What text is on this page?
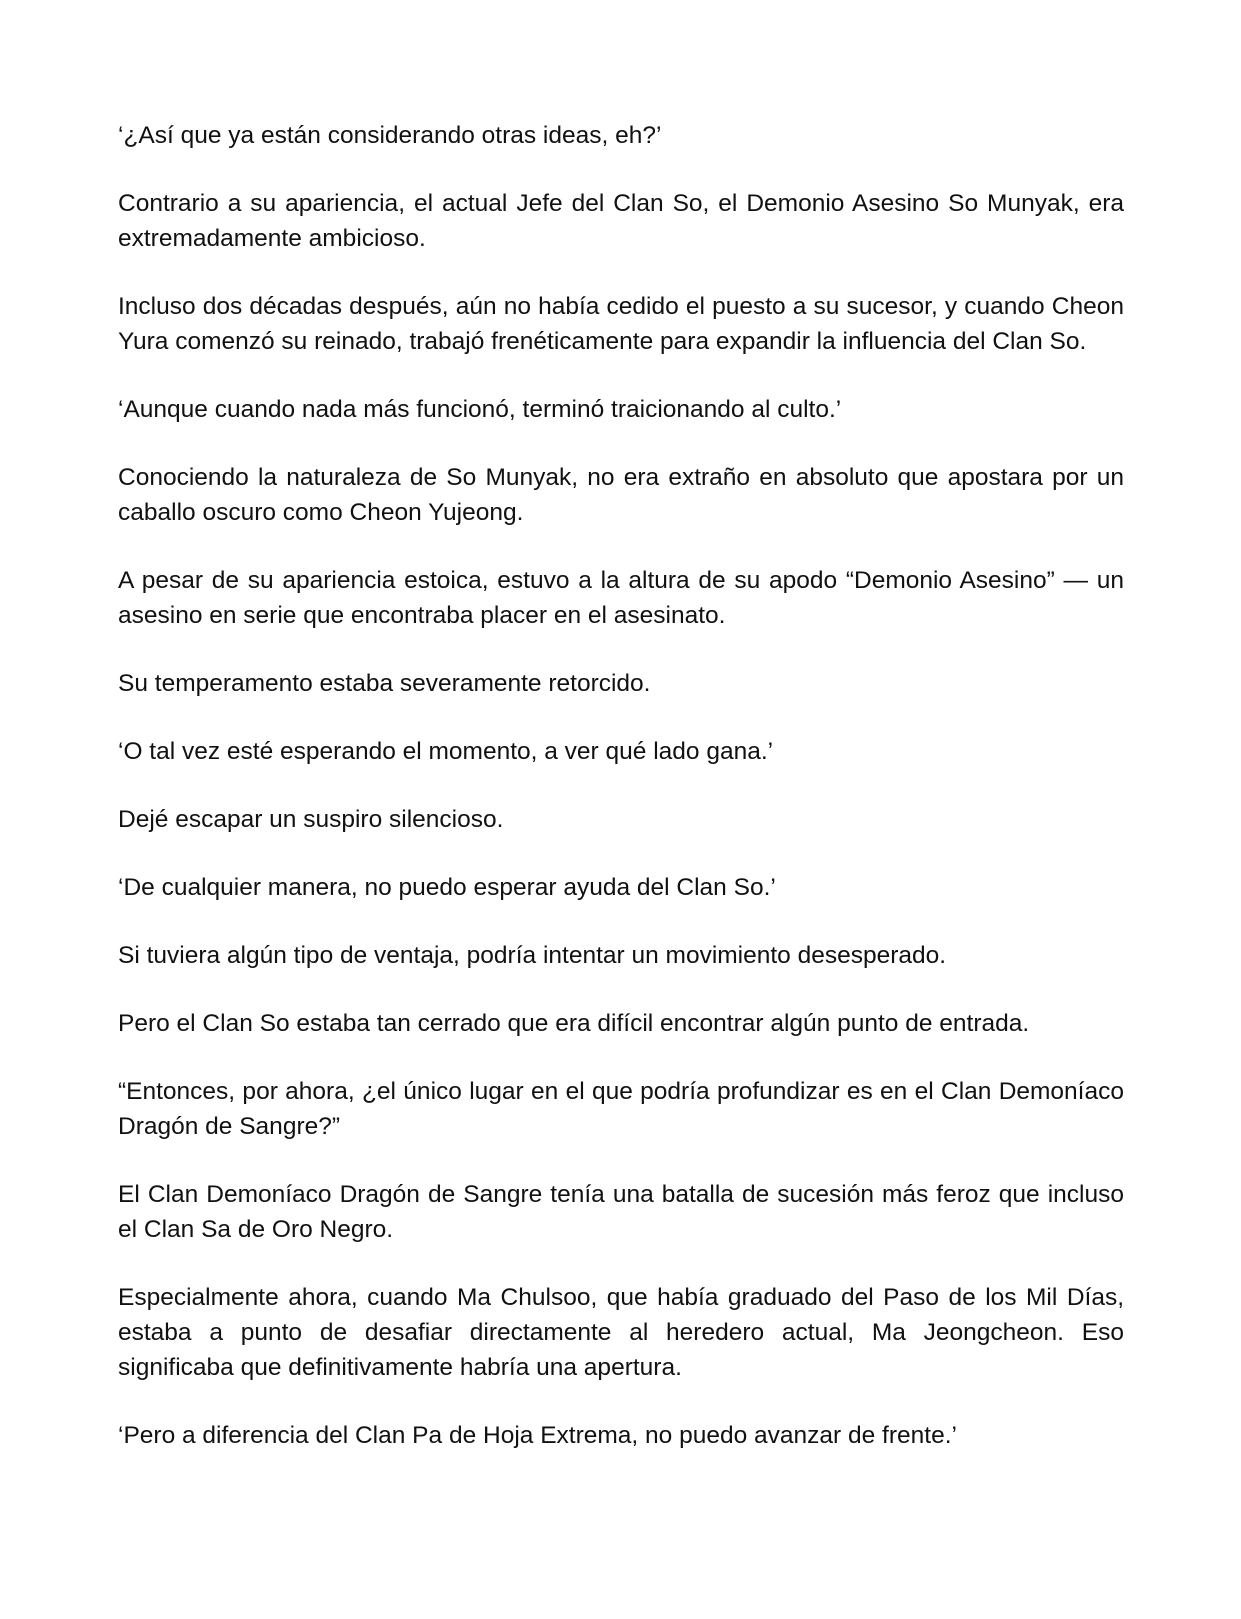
‘¿Así que ya están considerando otras ideas, eh?’

Contrario a su apariencia, el actual Jefe del Clan So, el Demonio Asesino So Munyak, era extremadamente ambicioso.

Incluso dos décadas después, aún no había cedido el puesto a su sucesor, y cuando Cheon Yura comenzó su reinado, trabajó frenéticamente para expandir la influencia del Clan So.

‘Aunque cuando nada más funcionó, terminó traicionando al culto.’

Conociendo la naturaleza de So Munyak, no era extraño en absoluto que apostara por un caballo oscuro como Cheon Yujeong.

A pesar de su apariencia estoica, estuvo a la altura de su apodo “Demonio Asesino” — un asesino en serie que encontraba placer en el asesinato.

Su temperamento estaba severamente retorcido.

‘O tal vez esté esperando el momento, a ver qué lado gana.’

Dejé escapar un suspiro silencioso.

‘De cualquier manera, no puedo esperar ayuda del Clan So.’

Si tuviera algún tipo de ventaja, podría intentar un movimiento desesperado.

Pero el Clan So estaba tan cerrado que era difícil encontrar algún punto de entrada.

“Entonces, por ahora, ¿el único lugar en el que podría profundizar es en el Clan Demoníaco Dragón de Sangre?”

El Clan Demoníaco Dragón de Sangre tenía una batalla de sucesión más feroz que incluso el Clan Sa de Oro Negro.

Especialmente ahora, cuando Ma Chulsoo, que había graduado del Paso de los Mil Días, estaba a punto de desafiar directamente al heredero actual, Ma Jeongcheon. Eso significaba que definitivamente habría una apertura.

‘Pero a diferencia del Clan Pa de Hoja Extrema, no puedo avanzar de frente.’
